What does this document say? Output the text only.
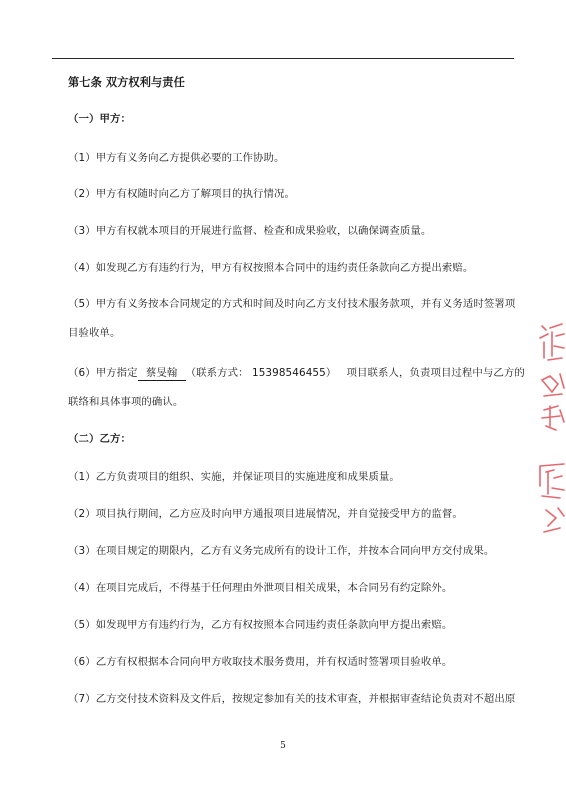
第七条 双方权利与责任
（一）甲方：
（1）甲方有义务向乙方提供必要的工作协助。
（2）甲方有权随时向乙方了解项目的执行情况。
（3）甲方有权就本项目的开展进行监督、检查和成果验收，以确保调查质量。
（4）如发现乙方有违约行为，甲方有权按照本合同中的违约责任条款向乙方提出索赔。
（5）甲方有义务按本合同规定的方式和时间及时向乙方支付技术服务款项，并有义务适时签署项
目验收单。
（6）甲方指定 蔡旻翰 （联系方式： 15398546455） 项目联系人，负责项目过程中与乙方的
联络和具体事项的确认。
（二）乙方：
（1）乙方负责项目的组织、实施，并保证项目的实施进度和成果质量。
（2）项目执行期间，乙方应及时向甲方通报项目进展情况，并自觉接受甲方的监督。
（3）在项目规定的期限内，乙方有义务完成所有的设计工作，并按本合同向甲方交付成果。
（4）在项目完成后，不得基于任何理由外泄项目相关成果，本合同另有约定除外。
（5）如发现甲方有违约行为，乙方有权按照本合同违约责任条款向甲方提出索赔。
（6）乙方有权根据本合同向甲方收取技术服务费用，并有权适时签署项目验收单。
（7）乙方交付技术资料及文件后，按规定参加有关的技术审查，并根据审查结论负责对不超出原
5
